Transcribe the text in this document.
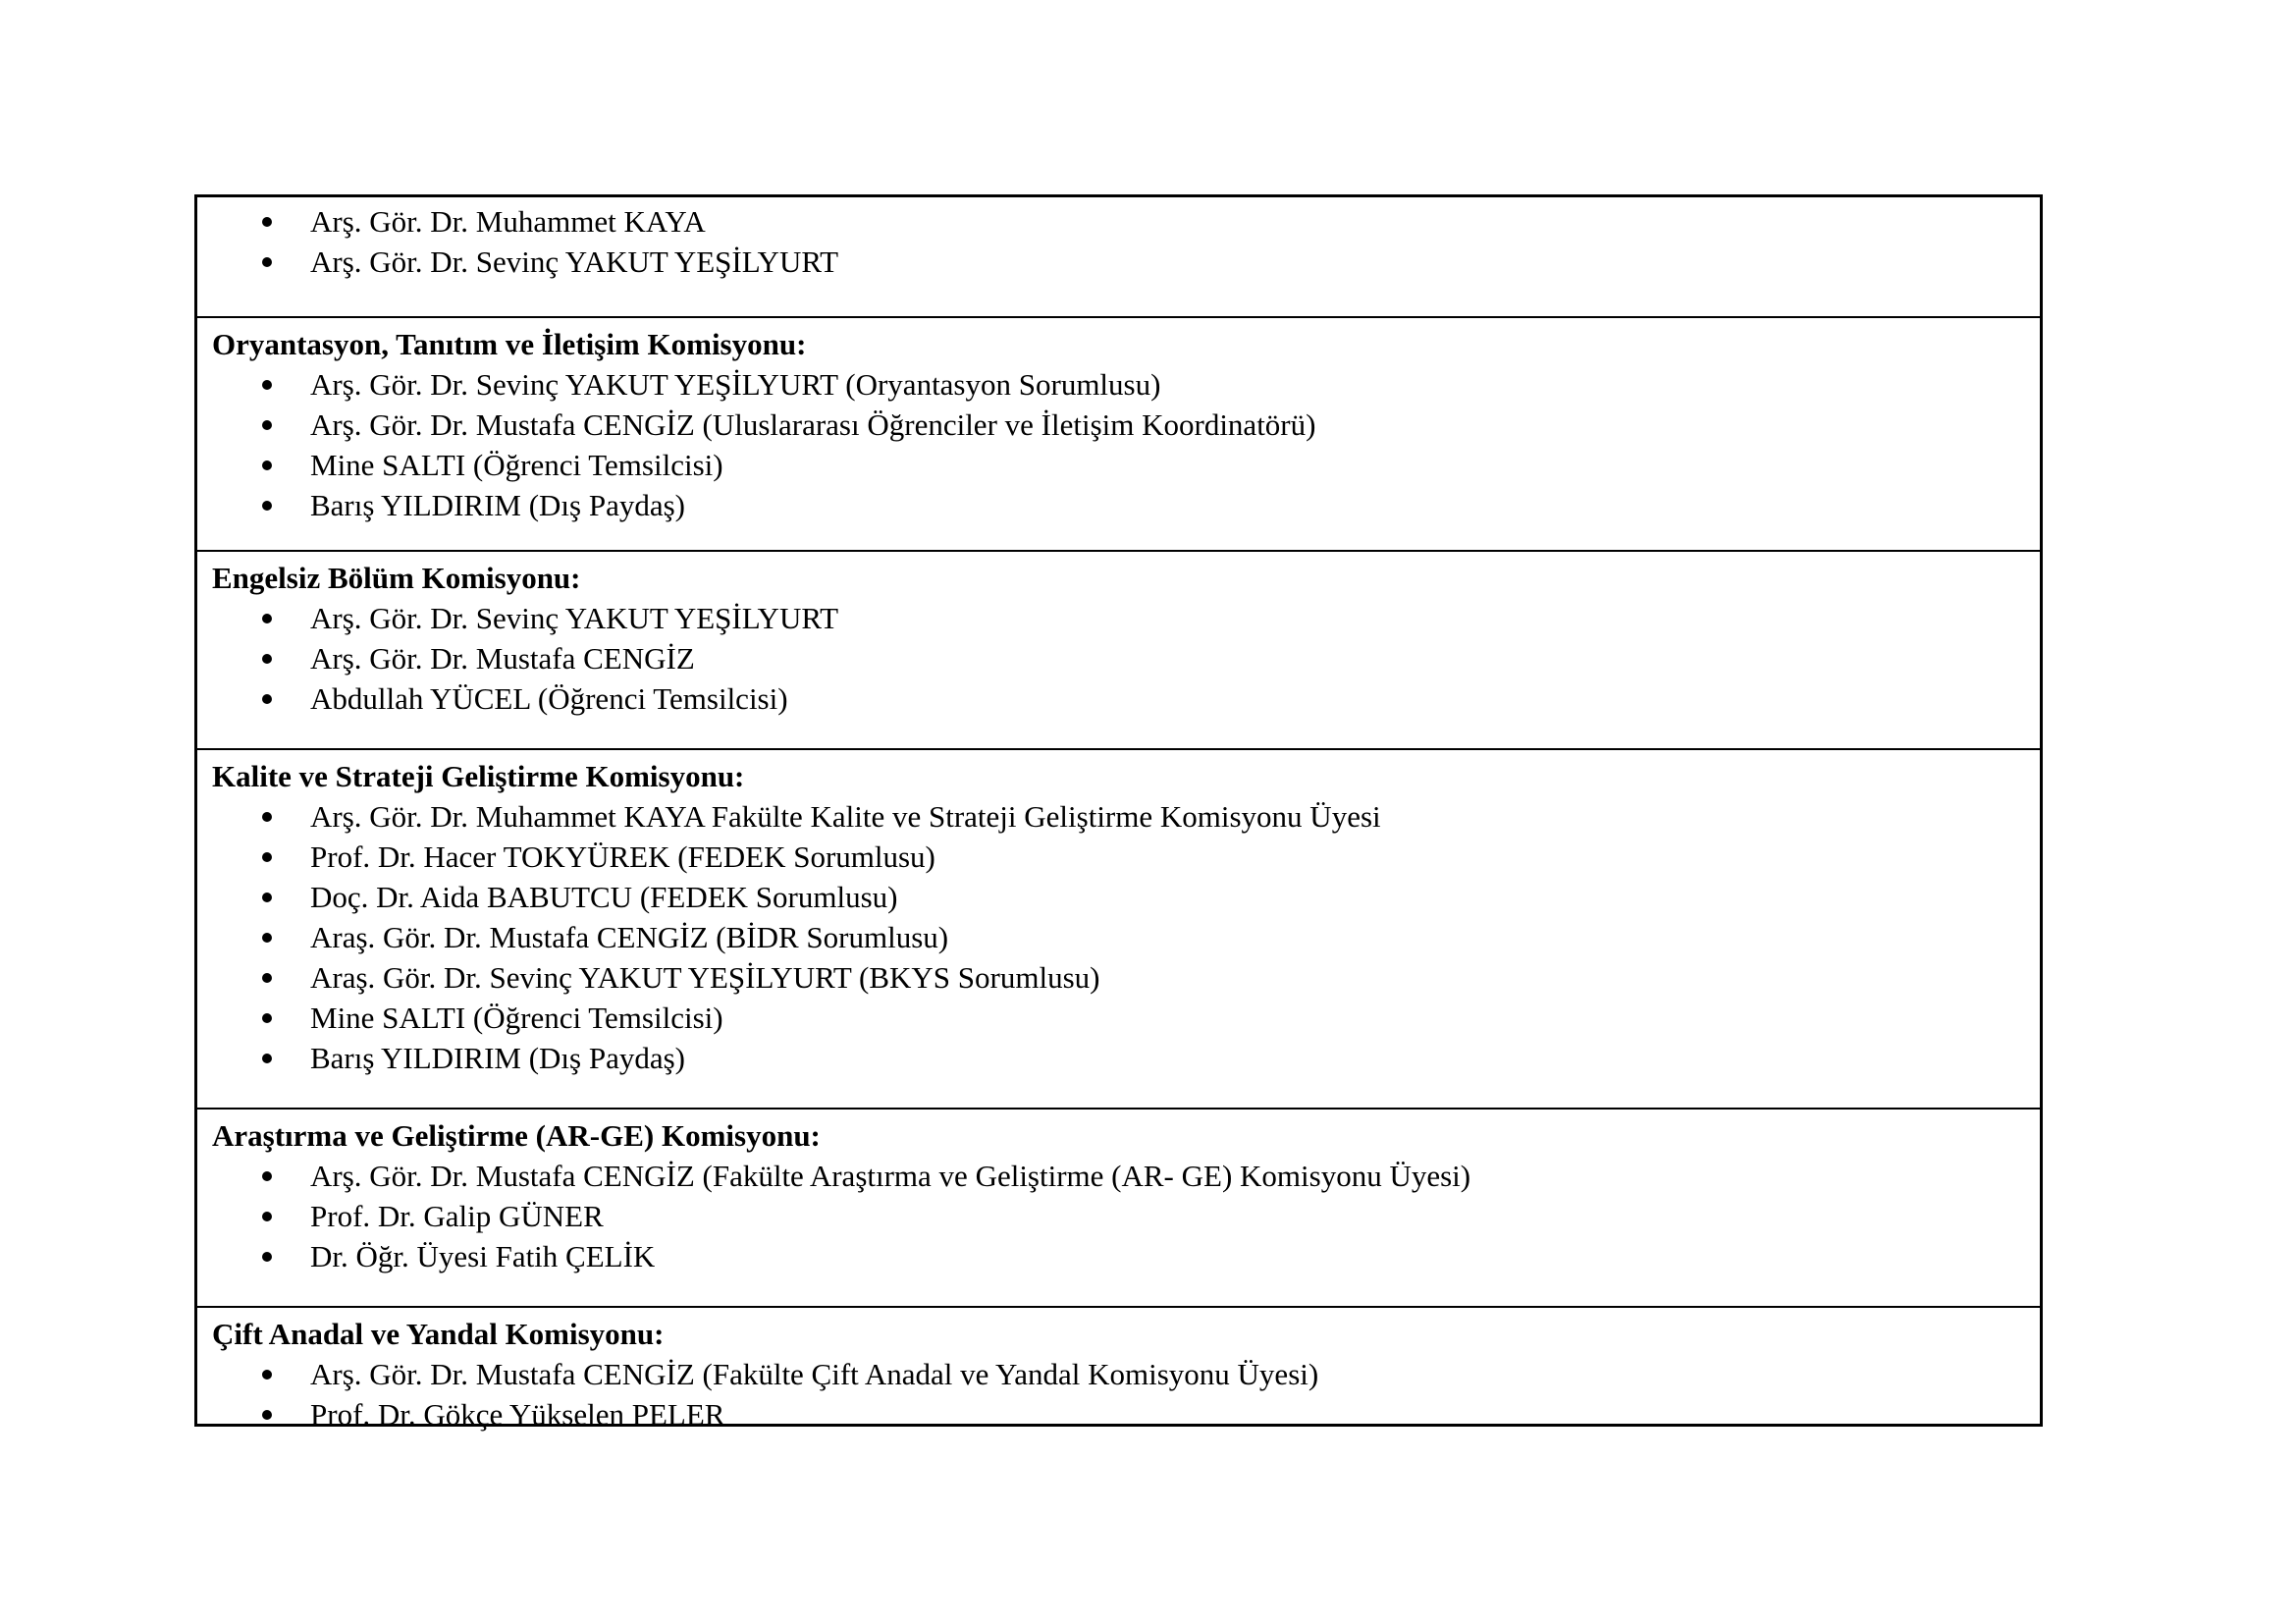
Arş. Gör. Dr. Muhammet KAYA
Arş. Gör. Dr. Sevinç YAKUT YEŞİLYURT
Oryantasyon, Tanıtım ve İletişim Komisyonu:
Arş. Gör. Dr. Sevinç YAKUT YEŞİLYURT (Oryantasyon Sorumlusu)
Arş. Gör. Dr. Mustafa CENGİZ (Uluslararası Öğrenciler ve İletişim Koordinatörü)
Mine SALTI (Öğrenci Temsilcisi)
Barış YILDIRIM (Dış Paydaş)
Engelsiz Bölüm Komisyonu:
Arş. Gör. Dr. Sevinç YAKUT YEŞİLYURT
Arş. Gör. Dr. Mustafa CENGİZ
Abdullah YÜCEL (Öğrenci Temsilcisi)
Kalite ve Strateji Geliştirme Komisyonu:
Arş. Gör. Dr. Muhammet KAYA Fakülte Kalite ve Strateji Geliştirme Komisyonu Üyesi
Prof. Dr. Hacer TOKYÜREK (FEDEK Sorumlusu)
Doç. Dr. Aida BABUTCU (FEDEK Sorumlusu)
Araş. Gör. Dr. Mustafa CENGİZ (BİDR Sorumlusu)
Araş. Gör. Dr. Sevinç YAKUT YEŞİLYURT (BKYS Sorumlusu)
Mine SALTI (Öğrenci Temsilcisi)
Barış YILDIRIM (Dış Paydaş)
Araştırma ve Geliştirme (AR-GE) Komisyonu:
Arş. Gör. Dr. Mustafa CENGİZ (Fakülte Araştırma ve Geliştirme (AR- GE) Komisyonu Üyesi)
Prof. Dr. Galip GÜNER
Dr. Öğr. Üyesi Fatih ÇELİK
Çift Anadal ve Yandal Komisyonu:
Arş. Gör. Dr. Mustafa CENGİZ (Fakülte Çift Anadal ve Yandal Komisyonu Üyesi)
Prof. Dr. Gökçe Yükselen PELER
